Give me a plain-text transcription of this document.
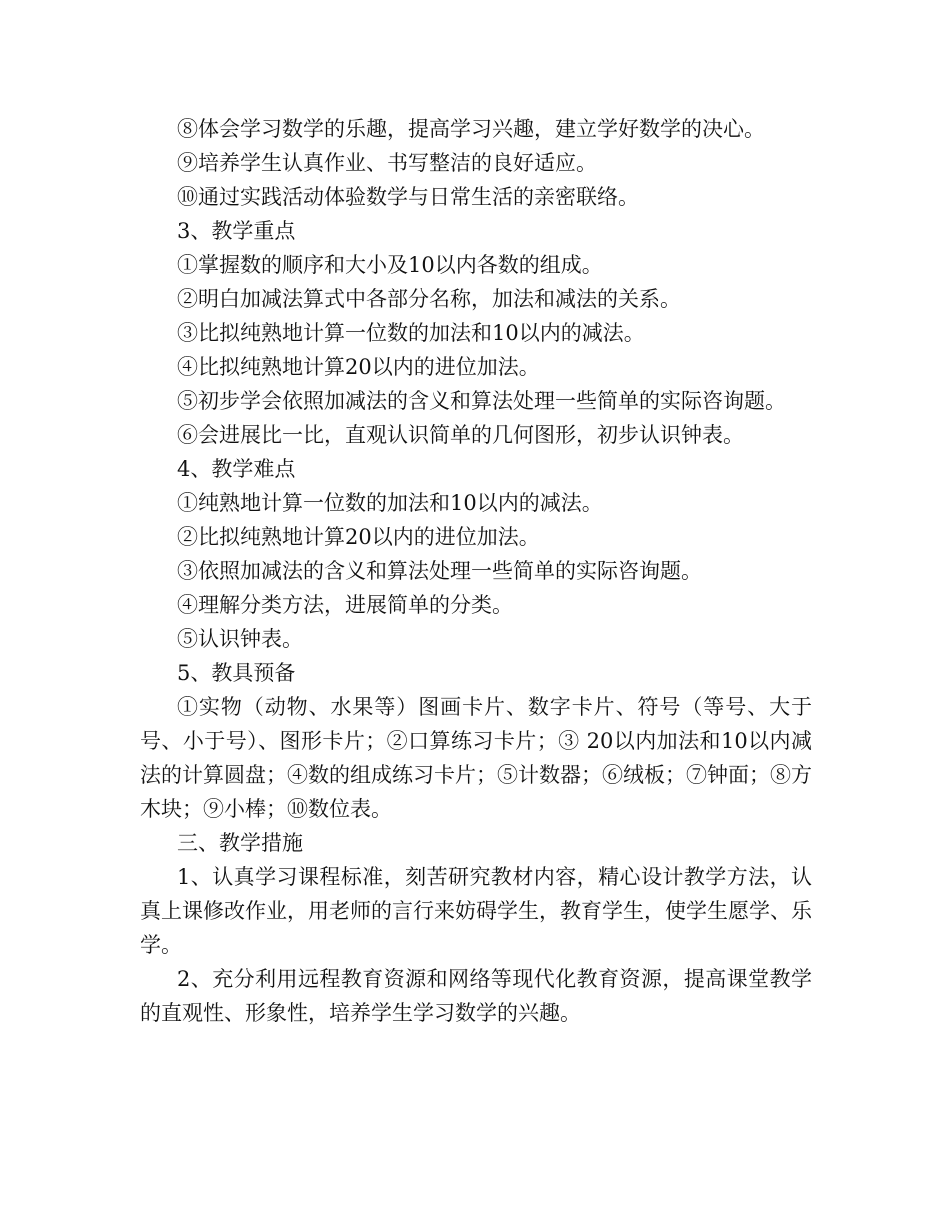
⑧体会学习数学的乐趣，提高学习兴趣，建立学好数学的决心。
⑨培养学生认真作业、书写整洁的良好适应。
⑩通过实践活动体验数学与日常生活的亲密联络。
3、教学重点
①掌握数的顺序和大小及10以内各数的组成。
②明白加减法算式中各部分名称，加法和减法的关系。
③比拟纯熟地计算一位数的加法和10以内的减法。
④比拟纯熟地计算20以内的进位加法。
⑤初步学会依照加减法的含义和算法处理一些简单的实际咨询题。
⑥会进展比一比，直观认识简单的几何图形，初步认识钟表。
4、教学难点
①纯熟地计算一位数的加法和10以内的减法。
②比拟纯熟地计算20以内的进位加法。
③依照加减法的含义和算法处理一些简单的实际咨询题。
④理解分类方法，进展简单的分类。
⑤认识钟表。
5、教具预备

①实物（动物、水果等）图画卡片、数字卡片、符号（等号、大于号、小于号）、图形卡片；②口算练习卡片；③ 20以内加法和10以内减法的计算圆盘；④数的组成练习卡片；⑤计数器；⑥绒板；⑦钟面；⑧方木块；⑨小棒；⑩数位表。

三、教学措施

1、认真学习课程标准，刻苦研究教材内容，精心设计教学方法，认真上课修改作业，用老师的言行来妨碍学生，教育学生，使学生愿学、乐学。

2、充分利用远程教育资源和网络等现代化教育资源，提高课堂教学的直观性、形象性，培养学生学习数学的兴趣。
